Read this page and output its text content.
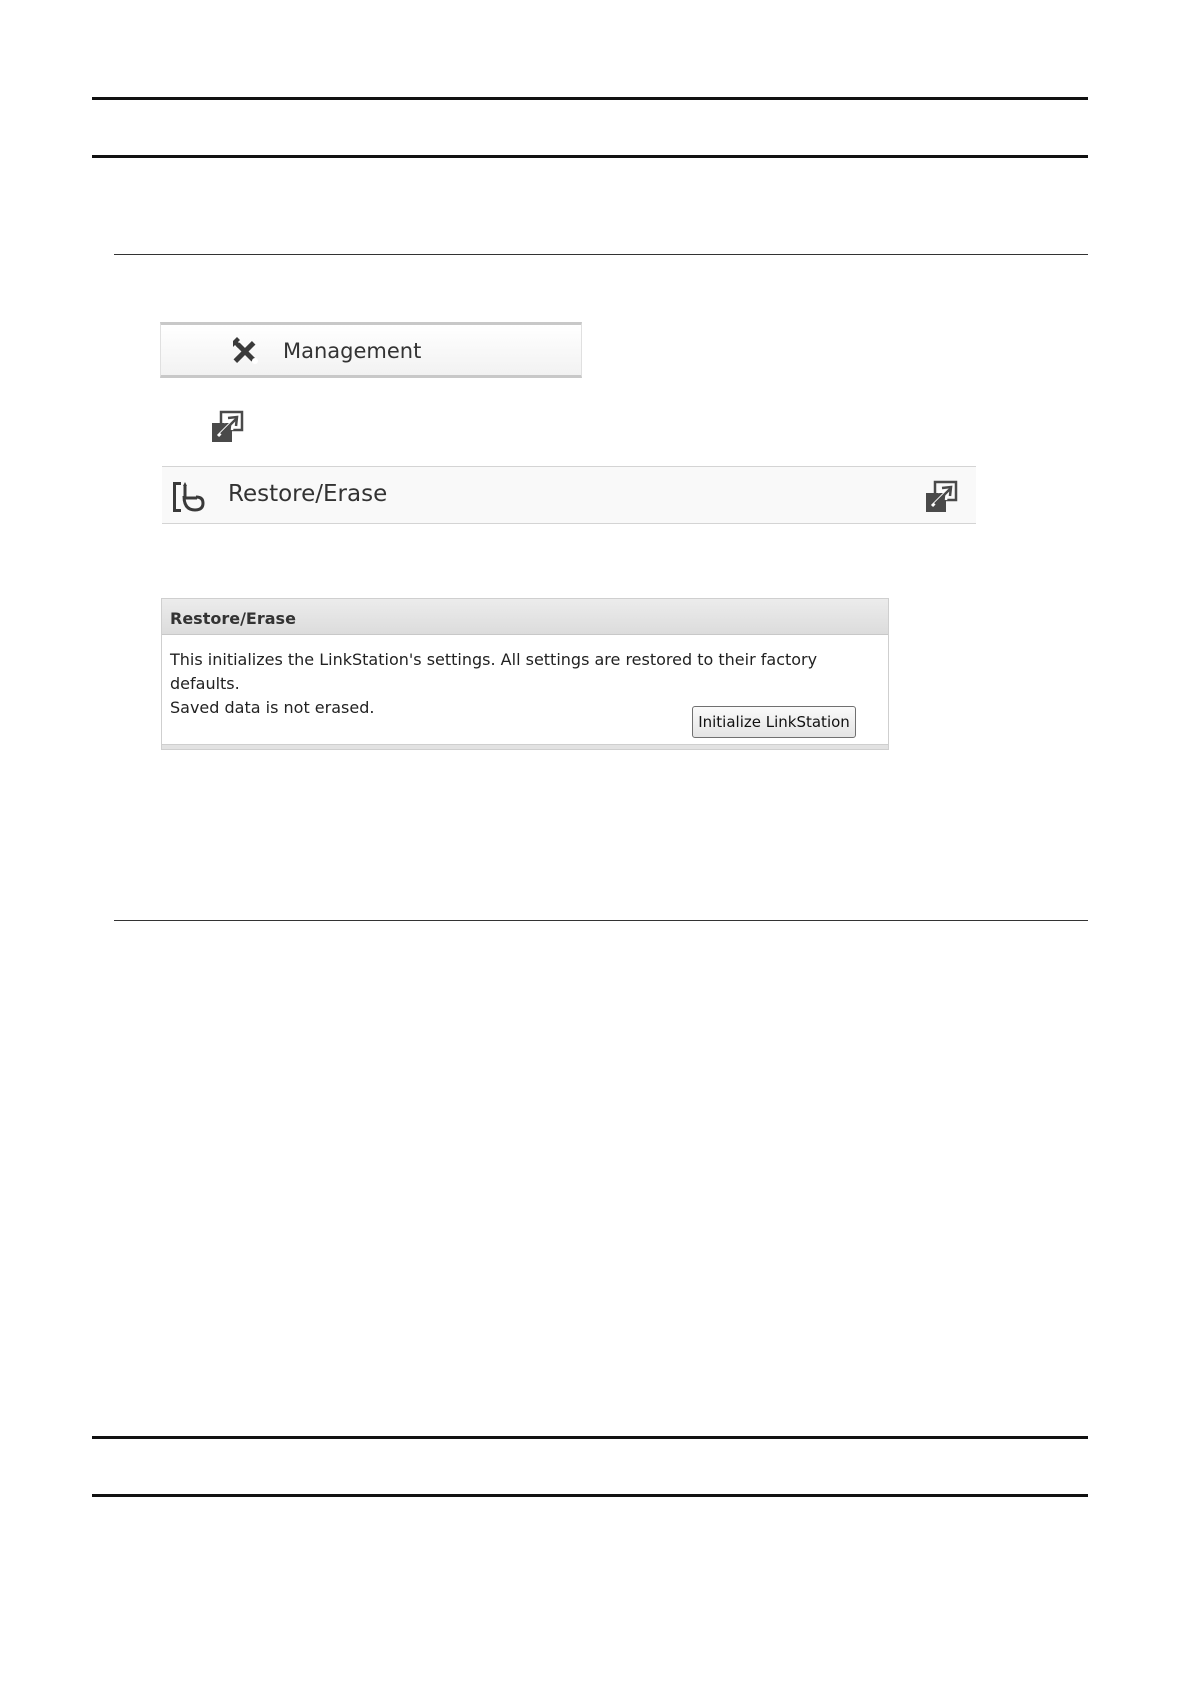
Management
Restore/Erase
Restore/Erase
This initializes the LinkStation's settings. All settings are restored to their factory defaults.
Saved data is not erased.
Initialize LinkStation
